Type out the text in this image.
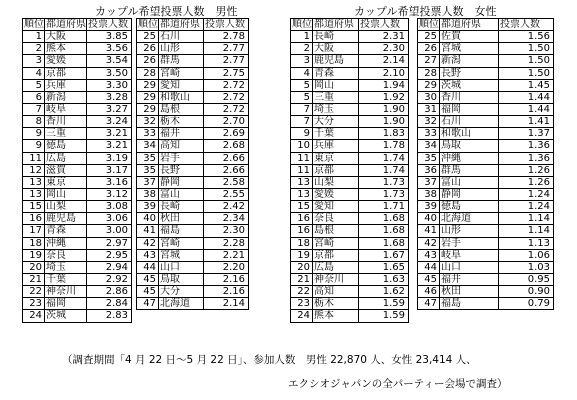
カップル希望投票人数　男性	カップル希望投票人数　女性
順位	都道府県	投票人数		順位	都道府県	投票人数
1	大阪	3.85		25	石川	2.78
2	熊本	3.56		26	山形	2.77
3	愛媛	3.54		26	群馬	2.77
4	京都	3.50		28	宮崎	2.75
5	兵庫	3.30		29	愛知	2.72
6	新潟	3.28		29	和歌山	2.72
7	岐阜	3.27		29	島根	2.72
8	香川	3.24		32	栃木	2.70
9	三重	3.21		33	福井	2.69
9	徳島	3.21		34	高知	2.68
11	広島	3.19		35	岩手	2.66
12	滋賀	3.17		35	長野	2.66
13	東京	3.16		37	静岡	2.58
13	岡山	3.12		38	富山	2.55
15	山梨	3.08		39	長崎	2.42
16	鹿児島	3.06		40	秋田	2.34
17	青森	3.00		41	福島	2.30
18	沖縄	2.97		42	宮崎	2.28
19	奈良	2.95		43	宮城	2.21
20	埼玉	2.94		44	山口	2.20
21	千葉	2.92		45	鳥取	2.16
22	神奈川	2.86		45	大分	2.16
23	福岡	2.84		47	北海道	2.14
24	茨城	2.83				
順位	都道府県	投票人数		順位	都道府県	投票人数
1	長崎	2.31		25	佐賀	1.56
2	大阪	2.30		26	宮城	1.50
3	鹿児島	2.14		27	新潟	1.50
4	青森	2.10		28	長野	1.50
5	岡山	1.94		29	茨城	1.45
5	三重	1.92		30	香川	1.44
7	埼玉	1.90		31	福岡	1.44
7	大分	1.90		32	石川	1.41
9	千葉	1.83		33	和歌山	1.37
10	兵庫	1.78		34	鳥取	1.36
11	東京	1.74		35	沖縄	1.36
11	京都	1.74		36	群馬	1.26
13	山梨	1.73		37	富山	1.26
13	愛媛	1.73		38	静岡	1.24
15	愛知	1.71		39	徳島	1.24
16	奈良	1.68		40	北海道	1.14
16	島根	1.68		41	山形	1.14
18	宮崎	1.68		42	岩手	1.13
19	京都	1.67		43	岐阜	1.06
20	広島	1.65		44	山口	1.03
21	神奈川	1.63		45	福井	0.95
22	高知	1.62		46	秋田	0.90
23	栃木	1.59		47	福島	0.79
24	熊本	1.59				
（調査期間「4 月 22 日～5 月 22 日」、参加人数　男性 22,870 人、女性 23,414 人、
エクシオジャパンの全パーティー会場で調査）
